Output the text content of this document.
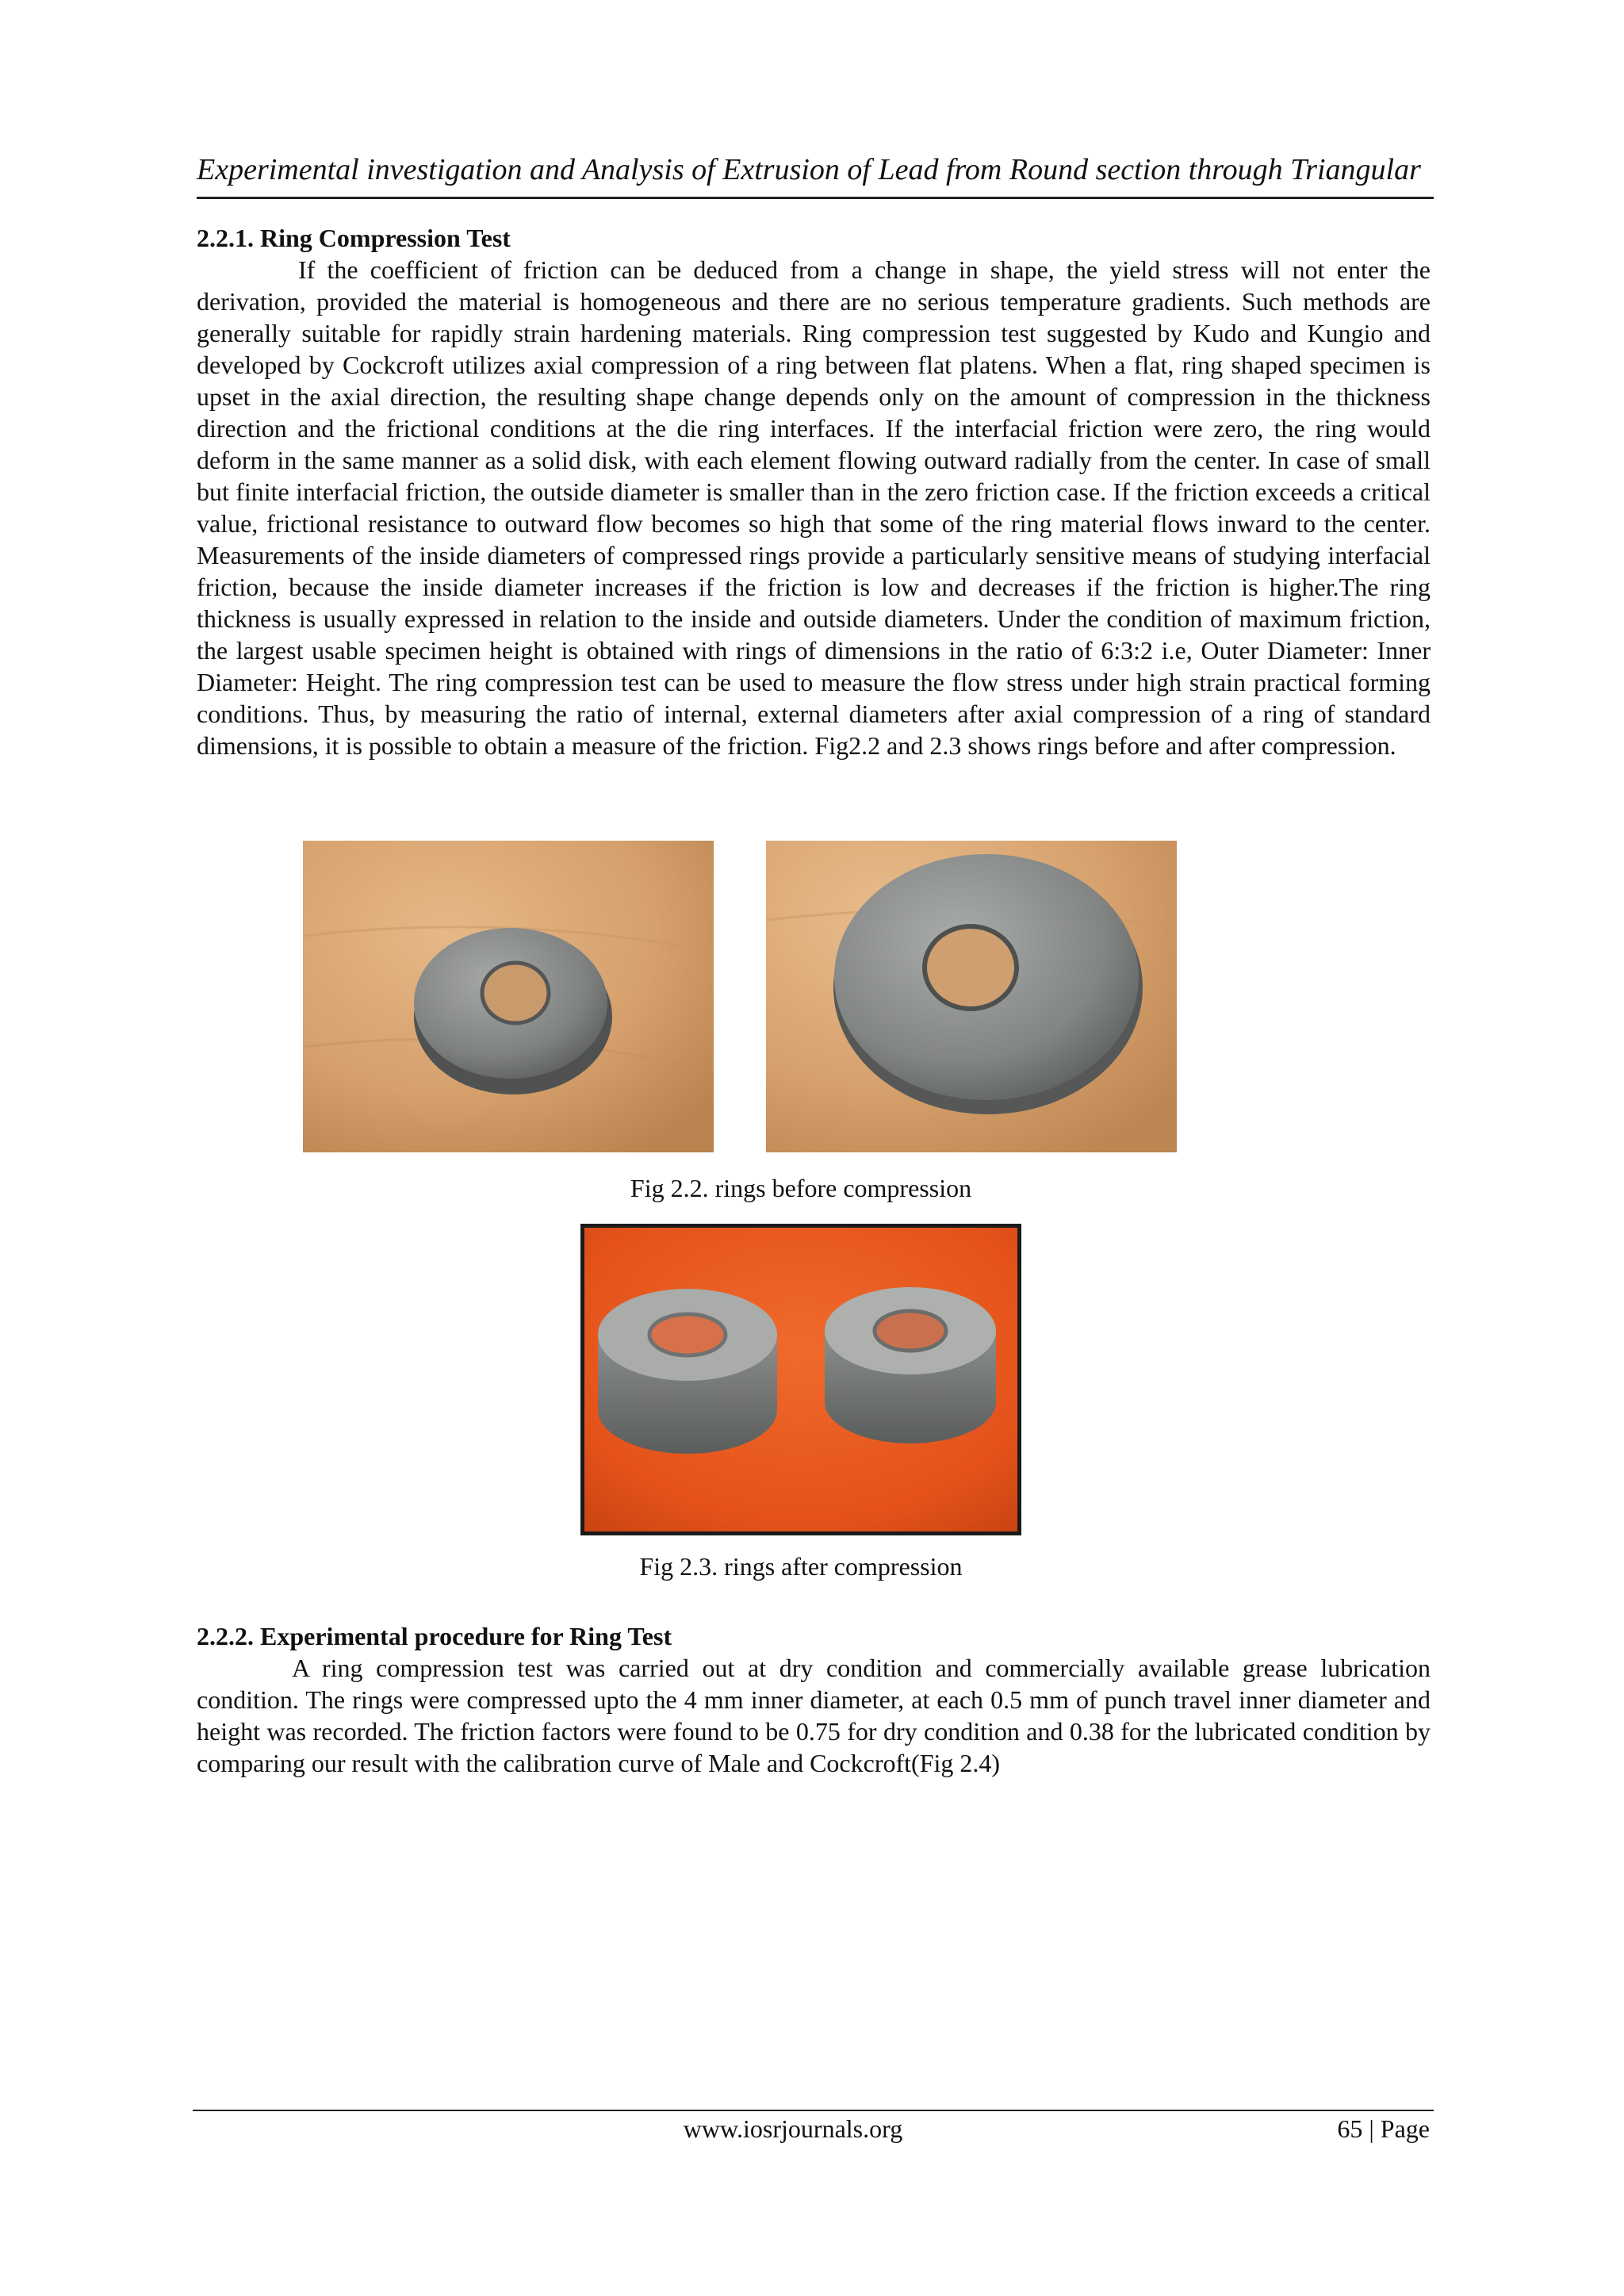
Experimental investigation and Analysis of Extrusion of Lead from Round section through Triangular
2.2.1. Ring Compression Test

If the coefficient of friction can be deduced from a change in shape, the yield stress will not enter the derivation, provided the material is homogeneous and there are no serious temperature gradients. Such methods are generally suitable for rapidly strain hardening materials. Ring compression test suggested by Kudo and Kungio and developed by Cockcroft utilizes axial compression of a ring between flat platens. When a flat, ring shaped specimen is upset in the axial direction, the resulting shape change depends only on the amount of compression in the thickness direction and the frictional conditions at the die ring interfaces. If the interfacial friction were zero, the ring would deform in the same manner as a solid disk, with each element flowing outward radially from the center. In case of small but finite interfacial friction, the outside diameter is smaller than in the zero friction case. If the friction exceeds a critical value, frictional resistance to outward flow becomes so high that some of the ring material flows inward to the center. Measurements of the inside diameters of compressed rings provide a particularly sensitive means of studying interfacial friction, because the inside diameter increases if the friction is low and decreases if the friction is higher.The ring thickness is usually expressed in relation to the inside and outside diameters. Under the condition of maximum friction, the largest usable specimen height is obtained with rings of dimensions in the ratio of 6:3:2 i.e, Outer Diameter: Inner Diameter: Height. The ring compression test can be used to measure the flow stress under high strain practical forming conditions. Thus, by measuring the ratio of internal, external diameters after axial compression of a ring of standard dimensions, it is possible to obtain a measure of the friction. Fig2.2 and 2.3 shows rings before and after compression.

Fig 2.2. rings before compression
Fig 2.3. rings after compression
2.2.2. Experimental procedure for Ring Test

A ring compression test was carried out at dry condition and commercially available grease lubrication condition. The rings were compressed upto the 4 mm inner diameter, at each 0.5 mm of punch travel inner diameter and height was recorded. The friction factors were found to be 0.75 for dry condition and 0.38 for the lubricated condition by comparing our result with the calibration curve of Male and Cockcroft(Fig 2.4)

www.iosrjournals.org	65 | Page
